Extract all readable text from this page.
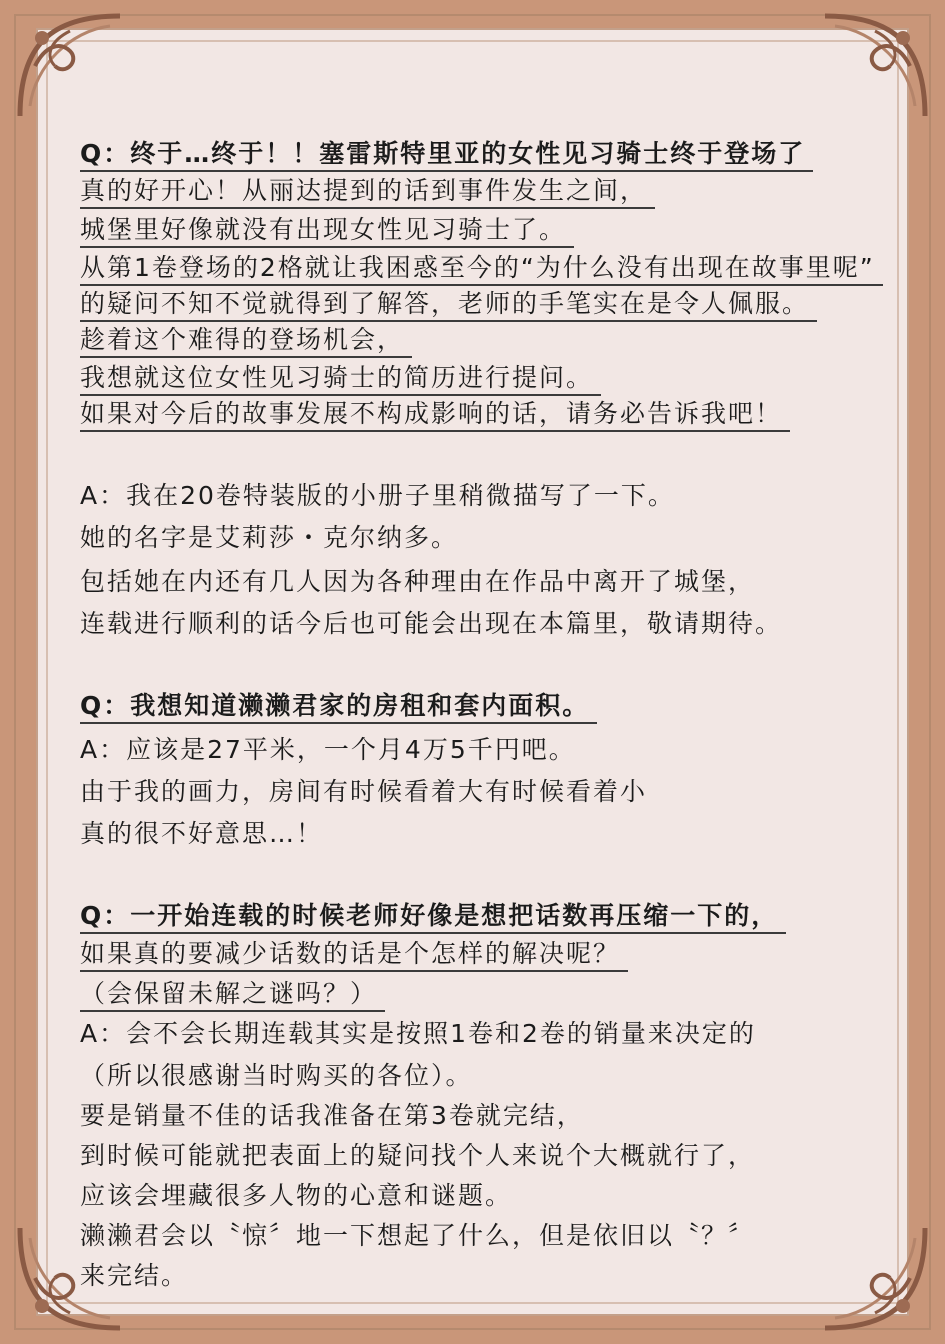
Q：终于…终于！！塞雷斯特里亚的女性见习骑士终于登场了
真的好开心！从丽达提到的话到事件发生之间，
城堡里好像就没有出现女性见习骑士了。
从第1卷登场的2格就让我困惑至今的“为什么没有出现在故事里呢”
的疑问不知不觉就得到了解答，老师的手笔实在是令人佩服。
趁着这个难得的登场机会，
我想就这位女性见习骑士的简历进行提问。
如果对今后的故事发展不构成影响的话，请务必告诉我吧！
A：我在20卷特装版的小册子里稍微描写了一下。
她的名字是艾莉莎・克尔纳多。
包括她在内还有几人因为各种理由在作品中离开了城堡，
连载进行顺利的话今后也可能会出现在本篇里，敬请期待。
Q：我想知道濑濑君家的房租和套内面积。
A：应该是27平米，一个月4万5千円吧。
由于我的画力，房间有时候看着大有时候看着小
真的很不好意思…！
Q：一开始连载的时候老师好像是想把话数再压缩一下的，
如果真的要减少话数的话是个怎样的解决呢？
（会保留未解之谜吗？）
A：会不会长期连载其实是按照1卷和2卷的销量来决定的
（所以很感谢当时购买的各位）。
要是销量不佳的话我准备在第3卷就完结，
到时候可能就把表面上的疑问找个人来说个大概就行了，
应该会埋藏很多人物的心意和谜题。
濑濑君会以〝惊〞地一下想起了什么，但是依旧以〝？〞
来完结。
